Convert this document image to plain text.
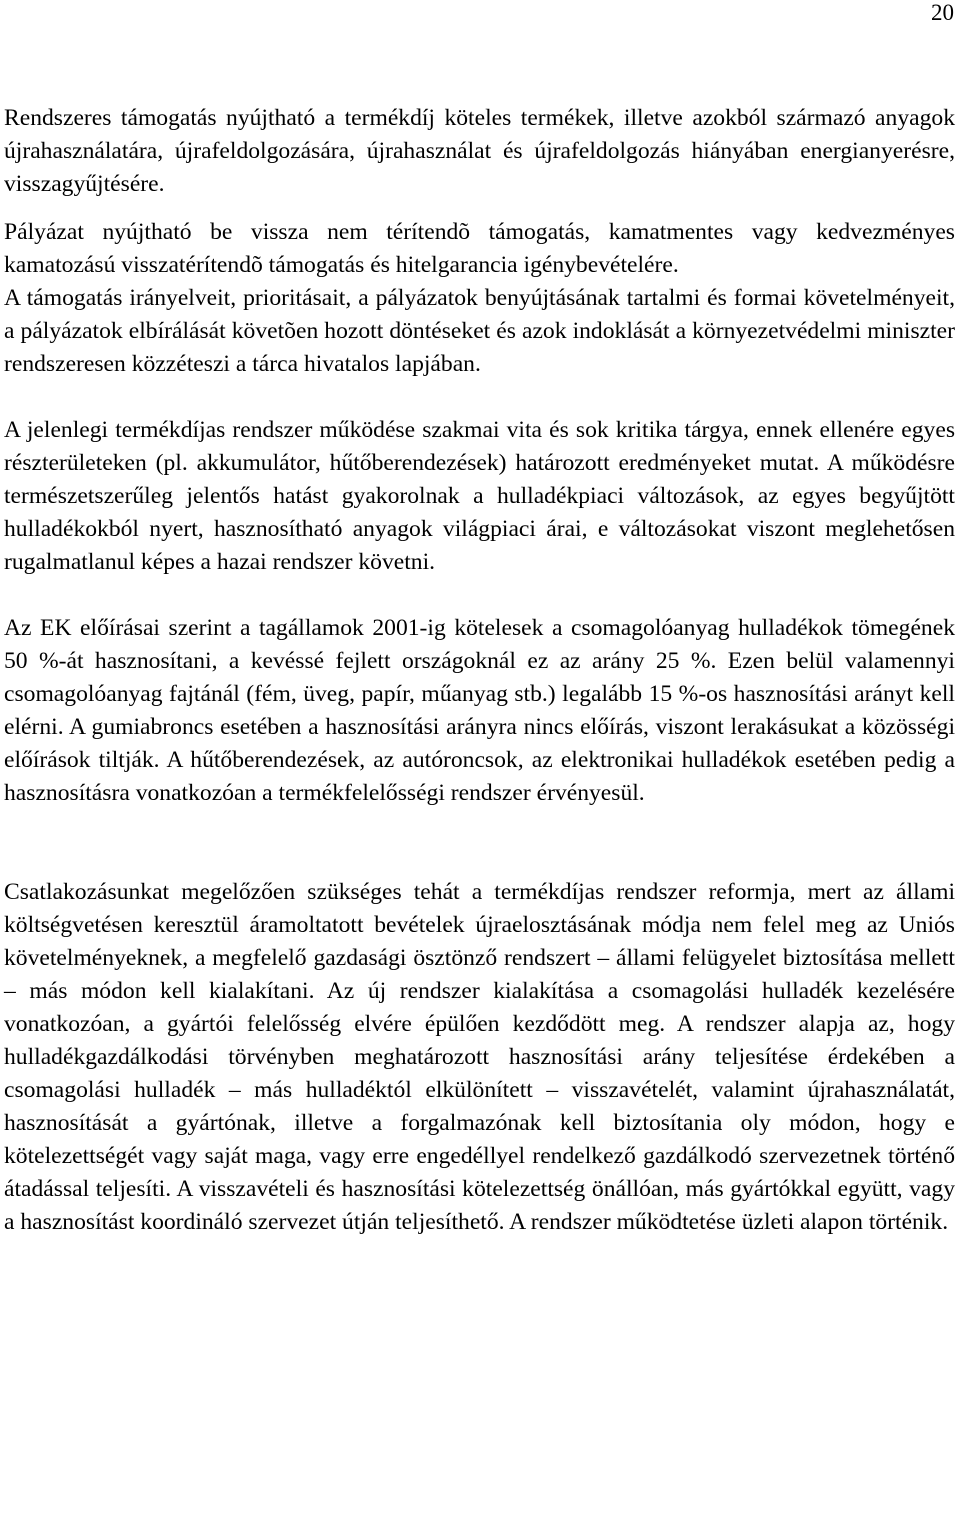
20

Rendszeres támogatás nyújtható a termékdíj köteles termékek, illetve azokból származó anyagok újrahasználatára, újrafeldolgozására, újrahasználat és újrafeldolgozás hiányában energianyerésre, visszagyűjtésére.

Pályázat nyújtható be vissza nem térítendõ támogatás, kamatmentes vagy kedvezményes kamatozású visszatérítendõ támogatás és hitelgarancia igénybevételére.

A támogatás irányelveit, prioritásait, a pályázatok benyújtásának tartalmi és formai követelményeit, a pályázatok elbírálását követõen hozott döntéseket és azok indoklását a környezetvédelmi miniszter rendszeresen közzéteszi a tárca hivatalos lapjában.

A jelenlegi termékdíjas rendszer működése szakmai vita és sok kritika tárgya, ennek ellenére egyes részterületeken (pl. akkumulátor, hűtőberendezések) határozott eredményeket mutat. A működésre természetszerűleg jelentős hatást gyakorolnak a hulladékpiaci változások, az egyes begyűjtött hulladékokból nyert, hasznosítható anyagok világpiaci árai, e változásokat viszont meglehetősen rugalmatlanul képes a hazai rendszer követni.

Az EK előírásai szerint a tagállamok 2001-ig kötelesek a csomagolóanyag hulladékok tömegének 50 %-át hasznosítani, a kevéssé fejlett országoknál ez az arány 25 %. Ezen belül valamennyi csomagolóanyag fajtánál (fém, üveg, papír, műanyag stb.) legalább 15 %-os hasznosítási arányt kell elérni. A gumiabroncs esetében a hasznosítási arányra nincs előírás, viszont lerakásukat a közösségi előírások tiltják. A hűtőberendezések, az autóroncsok, az elektronikai hulladékok esetében pedig a hasznosításra vonatkozóan a termékfelelősségi rendszer érvényesül.

Csatlakozásunkat megelőzően szükséges tehát a termékdíjas rendszer reformja, mert az állami költségvetésen keresztül áramoltatott bevételek újraelosztásának módja nem felel meg az Uniós követelményeknek, a megfelelő gazdasági ösztönző rendszert – állami felügyelet biztosítása mellett – más módon kell kialakítani. Az új rendszer kialakítása a csomagolási hulladék kezelésére vonatkozóan, a gyártói felelősség elvére épülően kezdődött meg. A rendszer alapja az, hogy hulladékgazdálkodási törvényben meghatározott hasznosítási arány teljesítése érdekében a csomagolási hulladék – más hulladéktól elkülönített – visszavételét, valamint újrahasználatát, hasznosítását a gyártónak, illetve a forgalmazónak kell biztosítania oly módon, hogy e kötelezettségét vagy saját maga, vagy erre engedéllyel rendelkező gazdálkodó szervezetnek történő átadással teljesíti. A visszavételi és hasznosítási kötelezettség önállóan, más gyártókkal együtt, vagy a hasznosítást koordináló szervezet útján teljesíthető. A rendszer működtetése üzleti alapon történik.
